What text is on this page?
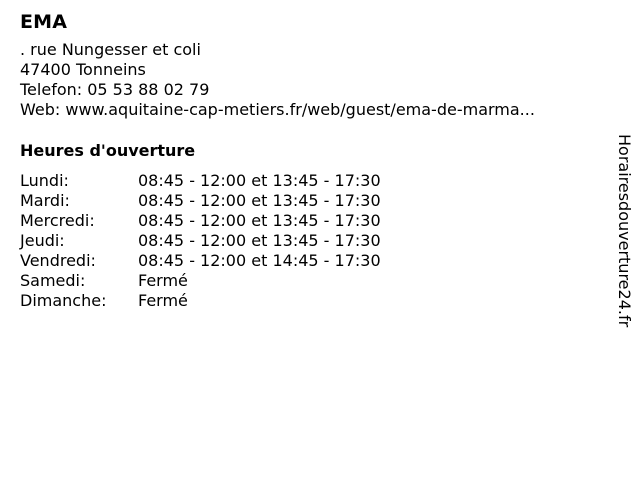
EMA
. rue Nungesser et coli
47400 Tonneins
Telefon: 05 53 88 02 79
Web: www.aquitaine-cap-metiers.fr/web/guest/ema-de-marma...
Heures d'ouverture
Lundi:	08:45 - 12:00 et 13:45 - 17:30
Mardi:	08:45 - 12:00 et 13:45 - 17:30
Mercredi:	08:45 - 12:00 et 13:45 - 17:30
Jeudi:	08:45 - 12:00 et 13:45 - 17:30
Vendredi:	08:45 - 12:00 et 14:45 - 17:30
Samedi:	Fermé
Dimanche:	Fermé	Horairesdouverture24.fr
